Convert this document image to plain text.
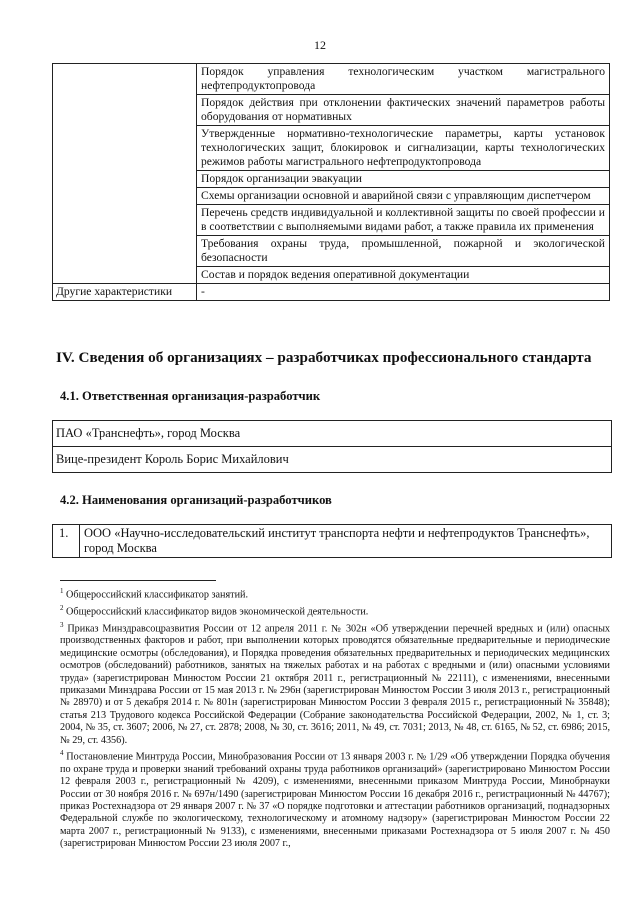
12
	Порядок управления технологическим участком магистрального нефтепродуктопровода
	Порядок действия при отклонении фактических значений параметров работы оборудования от нормативных
	Утвержденные нормативно-технологические параметры, карты установок технологических защит, блокировок и сигнализации, карты технологических режимов работы магистрального нефтепродуктопровода
	Порядок организации эвакуации
	Схемы организации основной и аварийной связи с управляющим диспетчером
	Перечень средств индивидуальной и коллективной защиты по своей профессии и в соответствии с выполняемыми видами работ, а также правила их применения
	Требования охраны труда, промышленной, пожарной и экологической безопасности
	Состав и порядок ведения оперативной документации
Другие характеристики	-
IV. Сведения об организациях – разработчиках профессионального стандарта
4.1. Ответственная организация-разработчик
ПАО «Транснефть», город Москва
Вице-президент Король Борис Михайлович
4.2. Наименования организаций-разработчиков
1.	ООО «Научно-исследовательский институт транспорта нефти и нефтепродуктов Транснефть», город Москва

$^1$ Общероссийский классификатор занятий.

$^2$ Общероссийский классификатор видов экономической деятельности.

$^3$ Приказ Минздравсоцразвития России от 12 апреля 2011 г. № 302н «Об утверждении перечней вредных и (или) опасных производственных факторов и работ, при выполнении которых проводятся обязательные предварительные и периодические медицинские осмотры (обследования), и Порядка проведения обязательных предварительных и периодических медицинских осмотров (обследований) работников, занятых на тяжелых работах и на работах с вредными и (или) опасными условиями труда» (зарегистрирован Минюстом России 21 октября 2011 г., регистрационный № 22111), с изменениями, внесенными приказами Минздрава России от 15 мая 2013 г. № 296н (зарегистрирован Минюстом России 3 июля 2013 г., регистрационный № 28970) и от 5 декабря 2014 г. № 801н (зарегистрирован Минюстом России 3 февраля 2015 г., регистрационный № 35848); статья 213 Трудового кодекса Российской Федерации (Собрание законодательства Российской Федерации, 2002, № 1, ст. 3; 2004, № 35, ст. 3607; 2006, № 27, ст. 2878; 2008, № 30, ст. 3616; 2011, № 49, ст. 7031; 2013, № 48, ст. 6165, № 52, ст. 6986; 2015, № 29, ст. 4356).

$^4$ Постановление Минтруда России, Минобразования России от 13 января 2003 г. № 1/29 «Об утверждении Порядка обучения по охране труда и проверки знаний требований охраны труда работников организаций» (зарегистрировано Минюстом России 12 февраля 2003 г., регистрационный № 4209), с изменениями, внесенными приказом Минтруда России, Минобрнауки России от 30 ноября 2016 г. № 697н/1490 (зарегистрирован Минюстом России 16 декабря 2016 г., регистрационный № 44767); приказ Ростехнадзора от 29 января 2007 г. № 37 «О порядке подготовки и аттестации работников организаций, поднадзорных Федеральной службе по экологическому, технологическому и атомному надзору» (зарегистрирован Минюстом России 22 марта 2007 г., регистрационный № 9133), с изменениями, внесенными приказами Ростехнадзора от 5 июля 2007 г. № 450 (зарегистрирован Минюстом России 23 июля 2007 г.,
